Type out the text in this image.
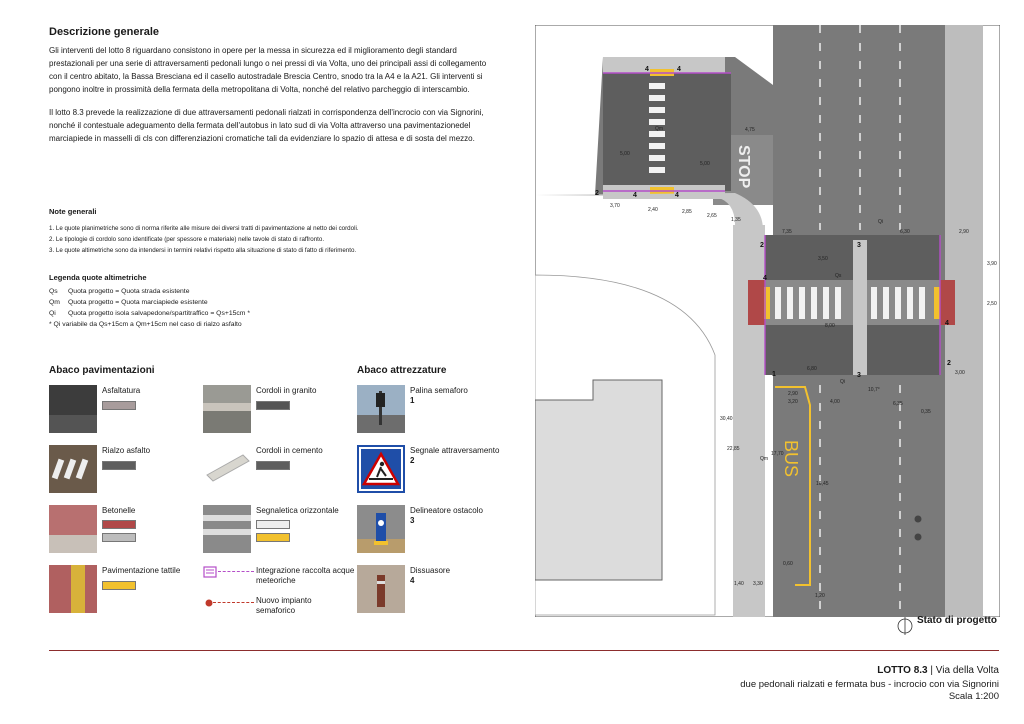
Descrizione generale

Gli interventi del lotto 8 riguardano consistono in opere per la messa in sicurezza ed il miglioramento degli standard prestazionali per una serie di attraversamenti pedonali lungo o nei pressi di via Volta, uno dei principali assi di collegamento con il centro abitato, la Bassa Bresciana ed il casello autostradale Brescia Centro, snodo tra la A4 e la A21. Gli interventi si pongono inoltre in prossimità della fermata della metropolitana di Volta, nonché del relativo parcheggio di interscambio.

Il lotto 8.3 prevede la realizzazione di due attraversamenti pedonali rialzati in corrispondenza dell'incrocio con via Signorini, nonché il contestuale adeguamento della fermata dell'autobus in lato sud di via Volta attraverso una pavimentazionedel marciapiede in masselli di cls con differenziazioni cromatiche tali da evidenziare lo spazio di attesa e di sosta del mezzo.

Note generali
1. Le quote planimetriche sono di norma riferite alle misure dei diversi tratti di pavimentazione al netto dei cordoli.
2. Le tipologie di cordolo sono identificate (per spessore e materiale) nelle tavole di stato di raffronto.
3. Le quote altimetriche sono da intendersi in termini relativi rispetto alla situazione di stato di fatto di riferimento.
Legenda quote altimetriche
Qs Quota progetto = Quota strada esistente
Qm Quota progetto = Quota marciapiede esistente
Qi Quota progetto isola salvapedone/spartitraffico = Qs+15cm *
* Qi variabile da Qs+15cm a Qm+15cm nel caso di rialzo asfalto
Abaco pavimentazioni
Asfaltatura	Cordoli in granito
Rialzo asfalto	Cordoli in cemento
Betonelle	Segnaletica orizzontale
Pavimentazione tattile	Integrazione raccolta acque meteoriche
Nuovo impianto semaforico
Abaco attrezzature
Palina semaforo
1
Segnale attraversamento
2
Delineatore ostacolo
3
Dissuasore
4
BUS
STOP
3,70
2,40	2,85
2,65
1,35
4,75
7,35	6,30	2,90
3,90
2,50
6,80
3,00
2,90
3,20	4,00	6,35
30,40
22,85
17,70
16,45
1,40 3,30
5,00
3,50
0,60
0,35
1,20
10,7°
5,00
8,00
Qm
Qm
Qi
Qi
Qs
4	4
4	4
2
2
2
3
3
1
4
4
Stato di progetto
LOTTO 8.3 | Via della Volta
due pedonali rialzati e fermata bus - incrocio con via Signorini
Scala 1:200
